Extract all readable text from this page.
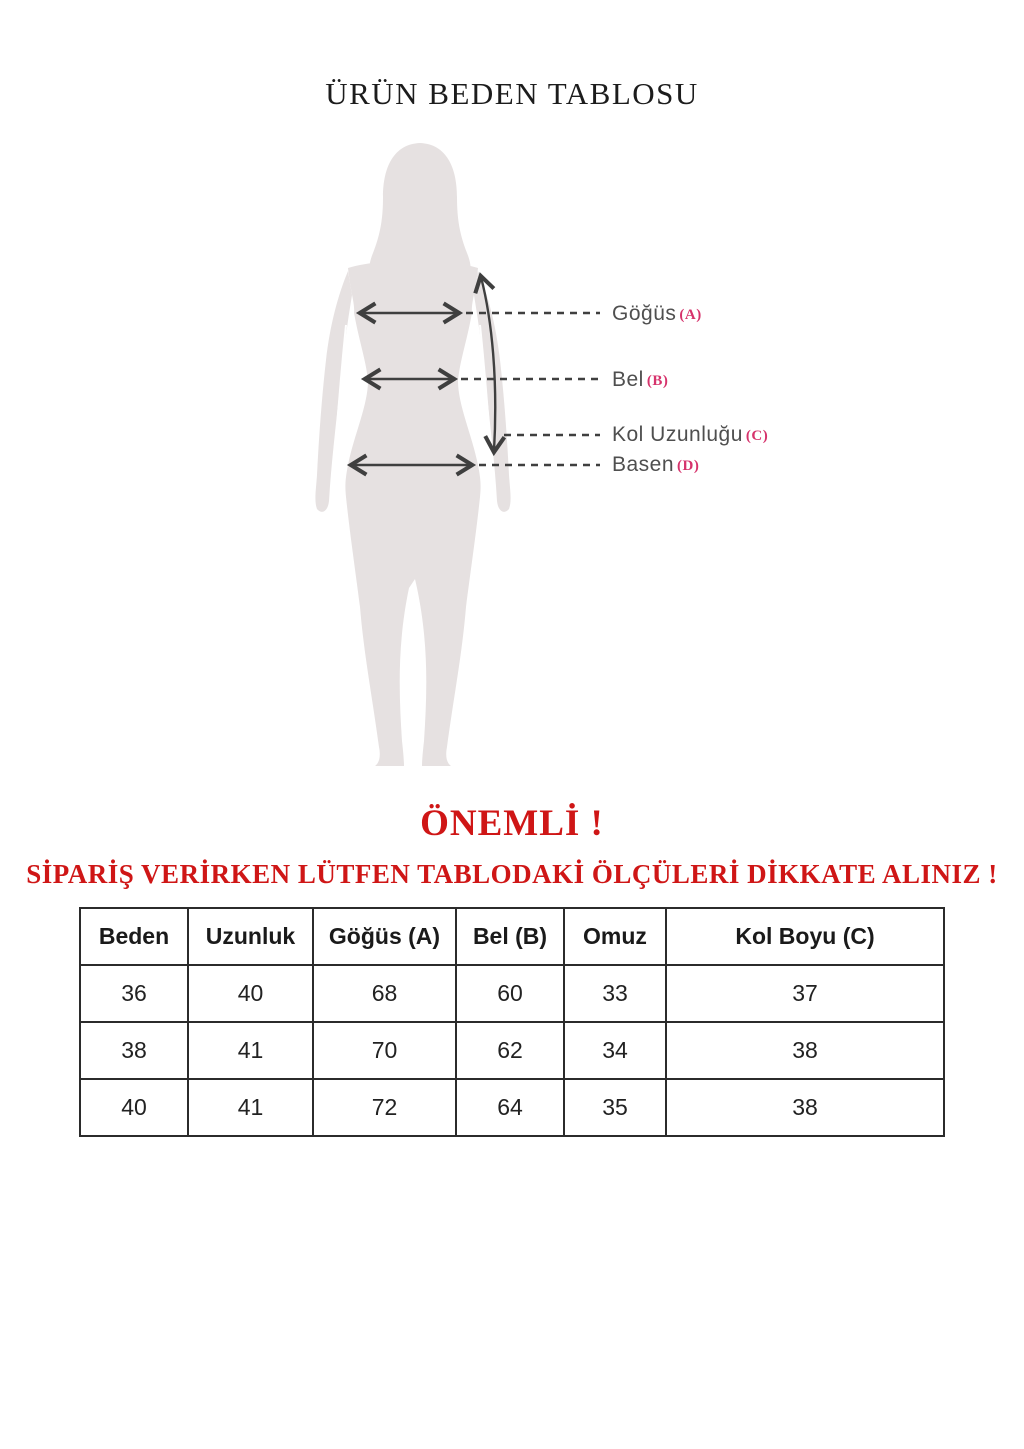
ÜRÜN BEDEN TABLOSU
Göğüs (A)
Bel (B)
Kol Uzunluğu (C)
Basen (D)
ÖNEMLİ !
SİPARİŞ VERİRKEN LÜTFEN TABLODAKİ ÖLÇÜLERİ DİKKATE ALINIZ !
Beden	Uzunluk	Göğüs (A)	Bel (B)	Omuz	Kol Boyu (C)
36	40	68	60	33	37
38	41	70	62	34	38
40	41	72	64	35	38
